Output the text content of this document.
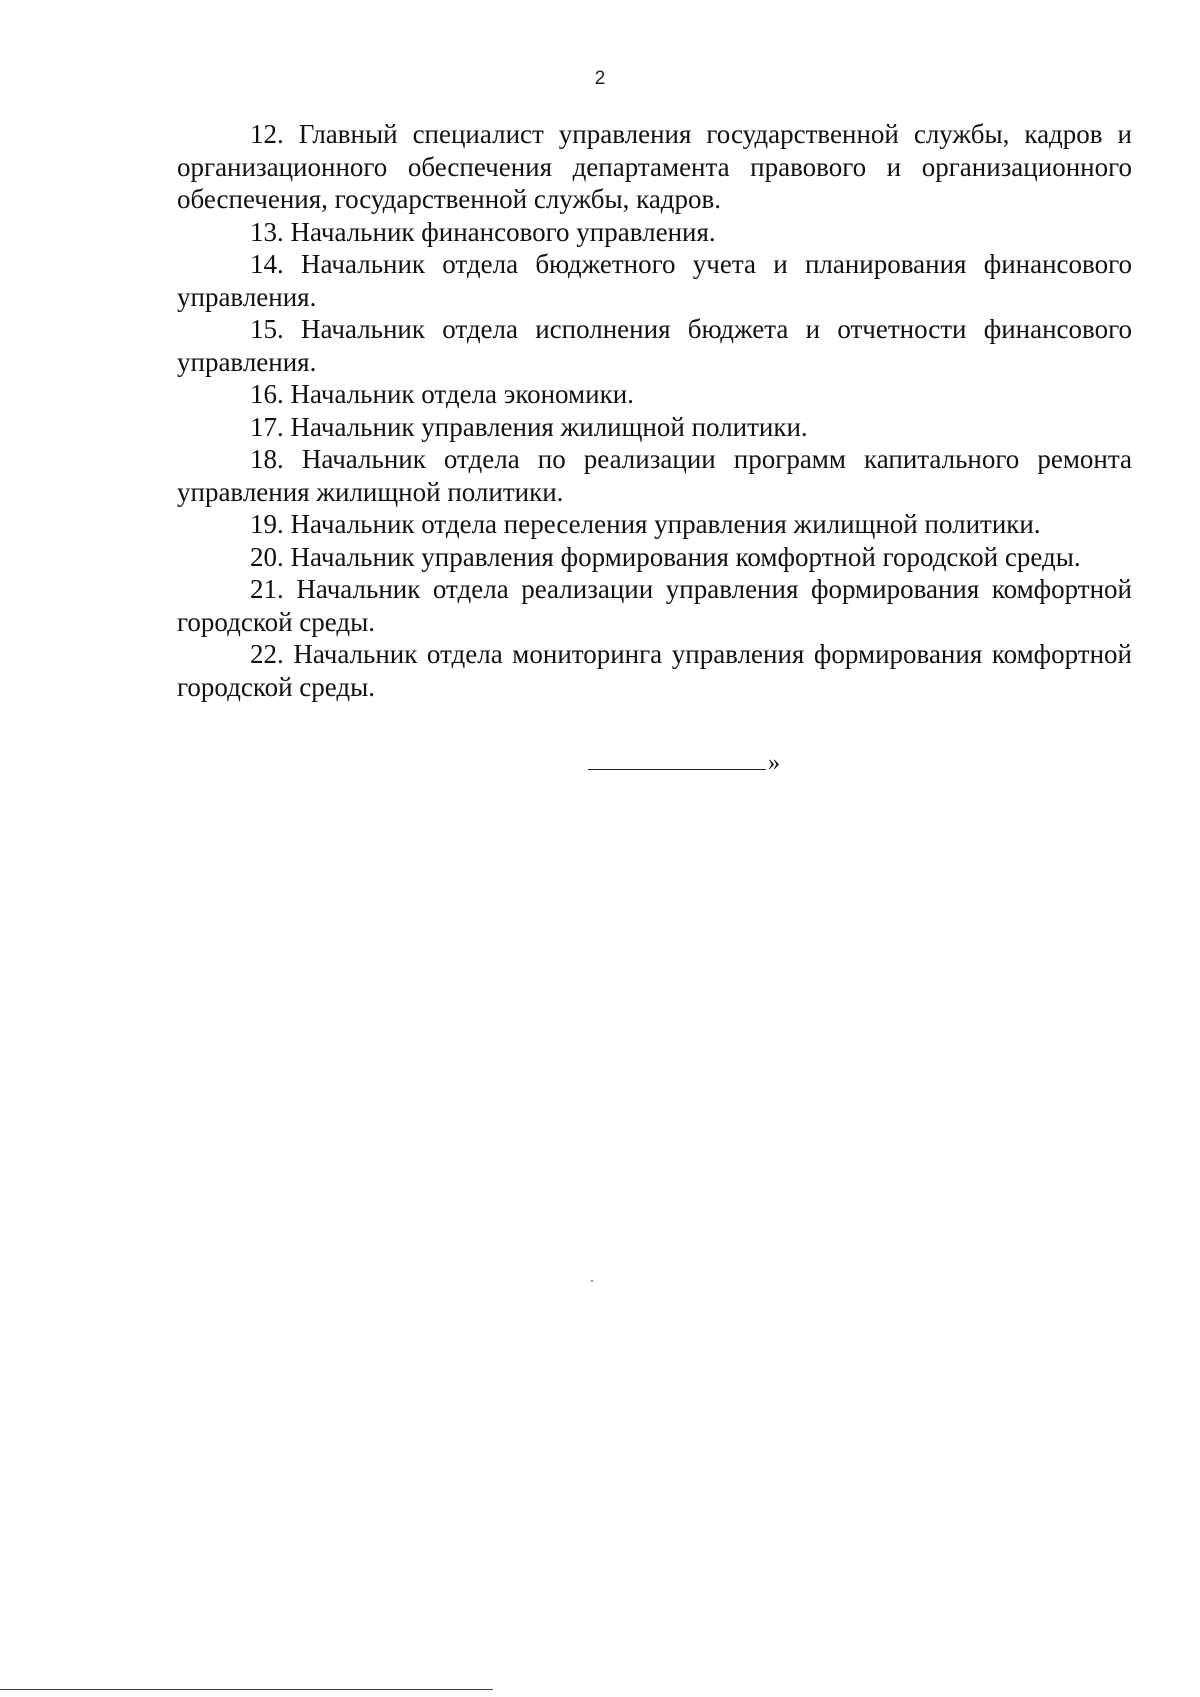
2

12. Главный специалист управления государственной службы, кадров и организационного обеспечения департамента правового и организационного обеспечения, государственной службы, кадров.

13. Начальник финансового управления.

14. Начальник отдела бюджетного учета и планирования финансового управления.

15. Начальник отдела исполнения бюджета и отчетности финансового управления.

16. Начальник отдела экономики.

17. Начальник управления жилищной политики.

18. Начальник отдела по реализации программ капитального ремонта управления жилищной политики.

19. Начальник отдела переселения управления жилищной политики.

20. Начальник управления формирования комфортной городской среды.

21. Начальник отдела реализации управления формирования комфортной городской среды.

22. Начальник отдела мониторинга управления формирования комфортной городской среды.

»
